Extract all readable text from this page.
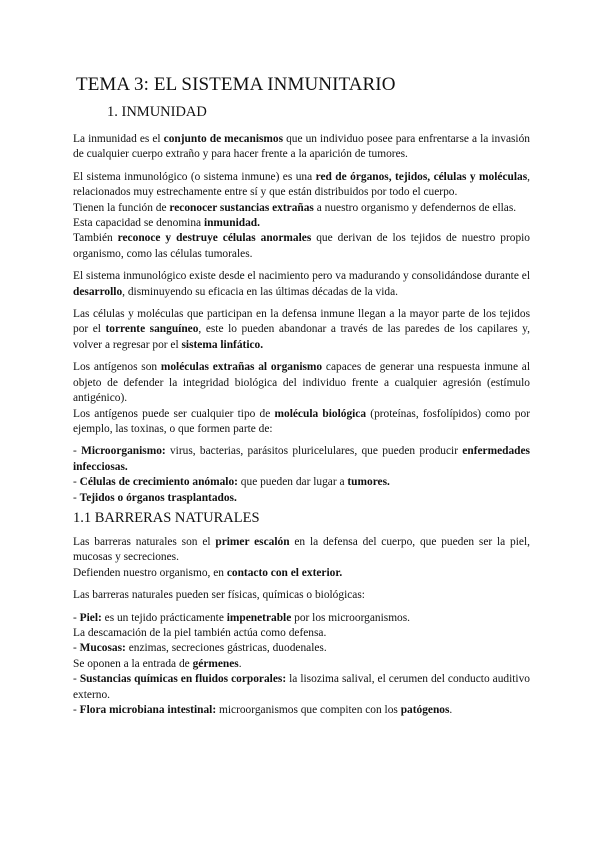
TEMA 3: EL SISTEMA INMUNITARIO
1. INMUNIDAD

La inmunidad es el conjunto de mecanismos que un individuo posee para enfrentarse a la invasión de cualquier cuerpo extraño y para hacer frente a la aparición de tumores.

El sistema inmunológico (o sistema inmune) es una red de órganos, tejidos, células y moléculas, relacionados muy estrechamente entre sí y que están distribuidos por todo el cuerpo.

Tienen la función de reconocer sustancias extrañas a nuestro organismo y defendernos de ellas.

Esta capacidad se denomina inmunidad.

También reconoce y destruye células anormales que derivan de los tejidos de nuestro propio organismo, como las células tumorales.

El sistema inmunológico existe desde el nacimiento pero va madurando y consolidándose durante el desarrollo, disminuyendo su eficacia en las últimas décadas de la vida.

Las células y moléculas que participan en la defensa inmune llegan a la mayor parte de los tejidos por el torrente sanguíneo, este lo pueden abandonar a través de las paredes de los capilares y, volver a regresar por el sistema linfático.

Los antígenos son moléculas extrañas al organismo capaces de generar una respuesta inmune al objeto de defender la integridad biológica del individuo frente a cualquier agresión (estímulo antigénico).

Los antígenos puede ser cualquier tipo de molécula biológica (proteínas, fosfolípidos) como por ejemplo, las toxinas, o que formen parte de:

- Microorganismo: virus, bacterias, parásitos pluricelulares, que pueden producir enfermedades infecciosas.

- Células de crecimiento anómalo: que pueden dar lugar a tumores.

- Tejidos o órganos trasplantados.

1.1 BARRERAS NATURALES

Las barreras naturales son el primer escalón en la defensa del cuerpo, que pueden ser la piel, mucosas y secreciones.

Defienden nuestro organismo, en contacto con el exterior.

Las barreras naturales pueden ser físicas, químicas o biológicas:

- Piel: es un tejido prácticamente impenetrable por los microorganismos.

La descamación de la piel también actúa como defensa.

- Mucosas: enzimas, secreciones gástricas, duodenales.

Se oponen a la entrada de gérmenes.

- Sustancias químicas en fluidos corporales: la lisozima salival, el cerumen del conducto auditivo externo.

- Flora microbiana intestinal: microorganismos que compiten con los patógenos.
